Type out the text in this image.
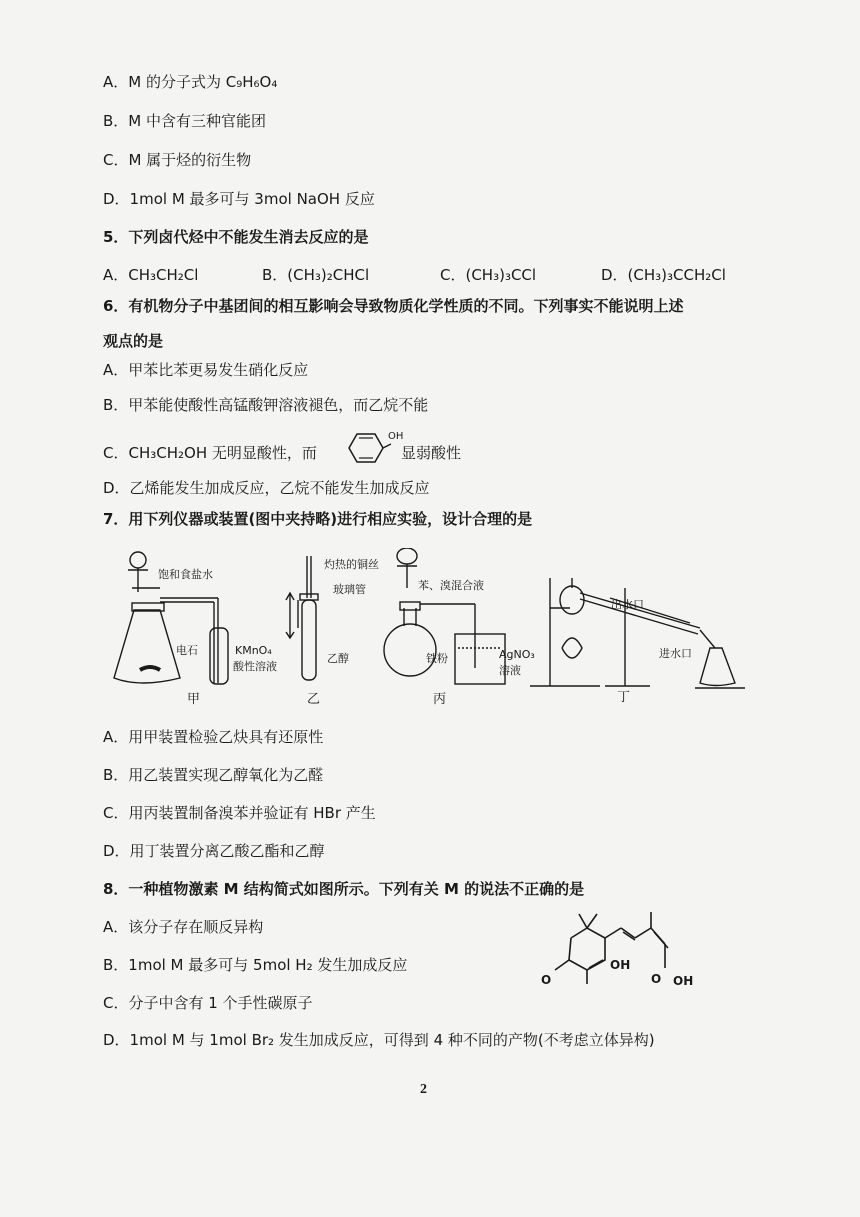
A．M 的分子式为 C₉H₆O₄
B．M 中含有三种官能团
C．M 属于烃的衍生物
D．1mol M 最多可与 3mol NaOH 反应
5．下列卤代烃中不能发生消去反应的是
A．CH₃CH₂Cl	B．(CH₃)₂CHCl	C．(CH₃)₃CCl	D．(CH₃)₃CCH₂Cl
6．有机物分子中基团间的相互影响会导致物质化学性质的不同。下列事实不能说明上述
观点的是
A．甲苯比苯更易发生硝化反应
B．甲苯能使酸性高锰酸钾溶液褪色，而乙烷不能
C．CH₃CH₂OH 无明显酸性，而
OH
显弱酸性
D．乙烯能发生加成反应，乙烷不能发生加成反应
7．用下列仪器或装置(图中夹持略)进行相应实验，设计合理的是
饱和食盐水
电石	KMnO₄
酸性溶液
甲
灼热的铜丝
玻璃管
乙醇
乙
苯、溴混合液
铁粉	AgNO₃
溶液
丙
出水口
进水口
丁
A．用甲装置检验乙炔具有还原性
B．用乙装置实现乙醇氧化为乙醛
C．用丙装置制备溴苯并验证有 HBr 产生
D．用丁装置分离乙酸乙酯和乙醇
8．一种植物激素 M 结构简式如图所示。下列有关 M 的说法不正确的是
A．该分子存在顺反异构
B．1mol M 最多可与 5mol H₂ 发生加成反应
C．分子中含有 1 个手性碳原子
D．1mol M 与 1mol Br₂ 发生加成反应，可得到 4 种不同的产物(不考虑立体异构)
OH
O	O OH
2
